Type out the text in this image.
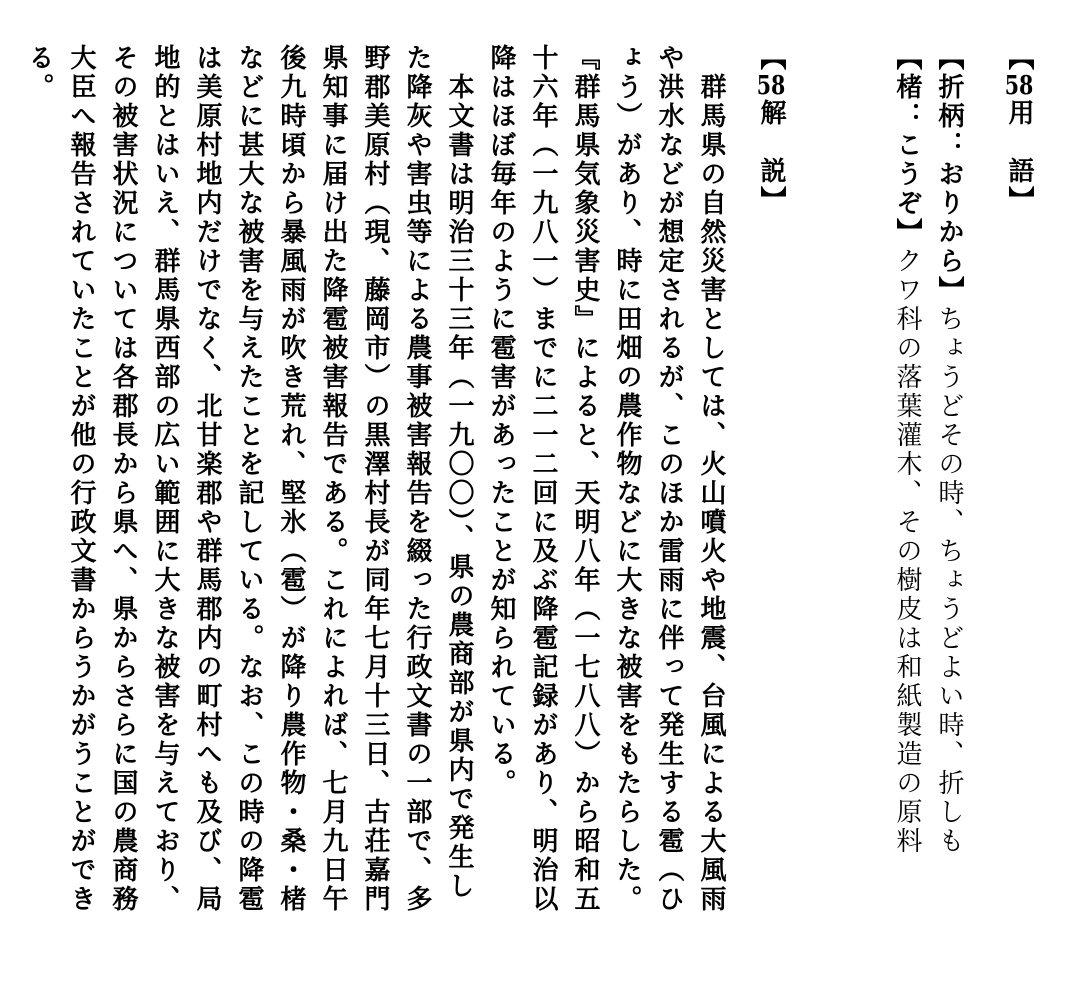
【58用　語】
【折柄：おりから】ちょうどその時、ちょうどよい時、折しも
【楮：こうぞ】クワ科の落葉灌木、その樹皮は和紙製造の原料
【58解　説】
　群馬県の自然災害としては、火山噴火や地震、台風による大風雨
や洪水などが想定されるが、このほか雷雨に伴って発生する雹（ひ
ょう）があり、時に田畑の農作物などに大きな被害をもたらした。
『群馬県気象災害史』によると、天明八年（一七八八）から昭和五
十六年（一九八一）までに二一二回に及ぶ降雹記録があり、明治以
降はほぼ毎年のように雹害があったことが知られている。
　本文書は明治三十三年（一九〇〇）、県の農商部が県内で発生し
た降灰や害虫等による農事被害報告を綴った行政文書の一部で、多
野郡美原村（現、藤岡市）の黒澤村長が同年七月十三日、古荘嘉門
県知事に届け出た降雹被害報告である。これによれば、七月九日午
後九時頃から暴風雨が吹き荒れ、堅氷（雹）が降り農作物・桑・楮
などに甚大な被害を与えたことを記している。なお、この時の降雹
は美原村地内だけでなく、北甘楽郡や群馬郡内の町村へも及び、局
地的とはいえ、群馬県西部の広い範囲に大きな被害を与えており、
その被害状況については各郡長から県へ、県からさらに国の農商務
大臣へ報告されていたことが他の行政文書からうかがうことができ
る。
